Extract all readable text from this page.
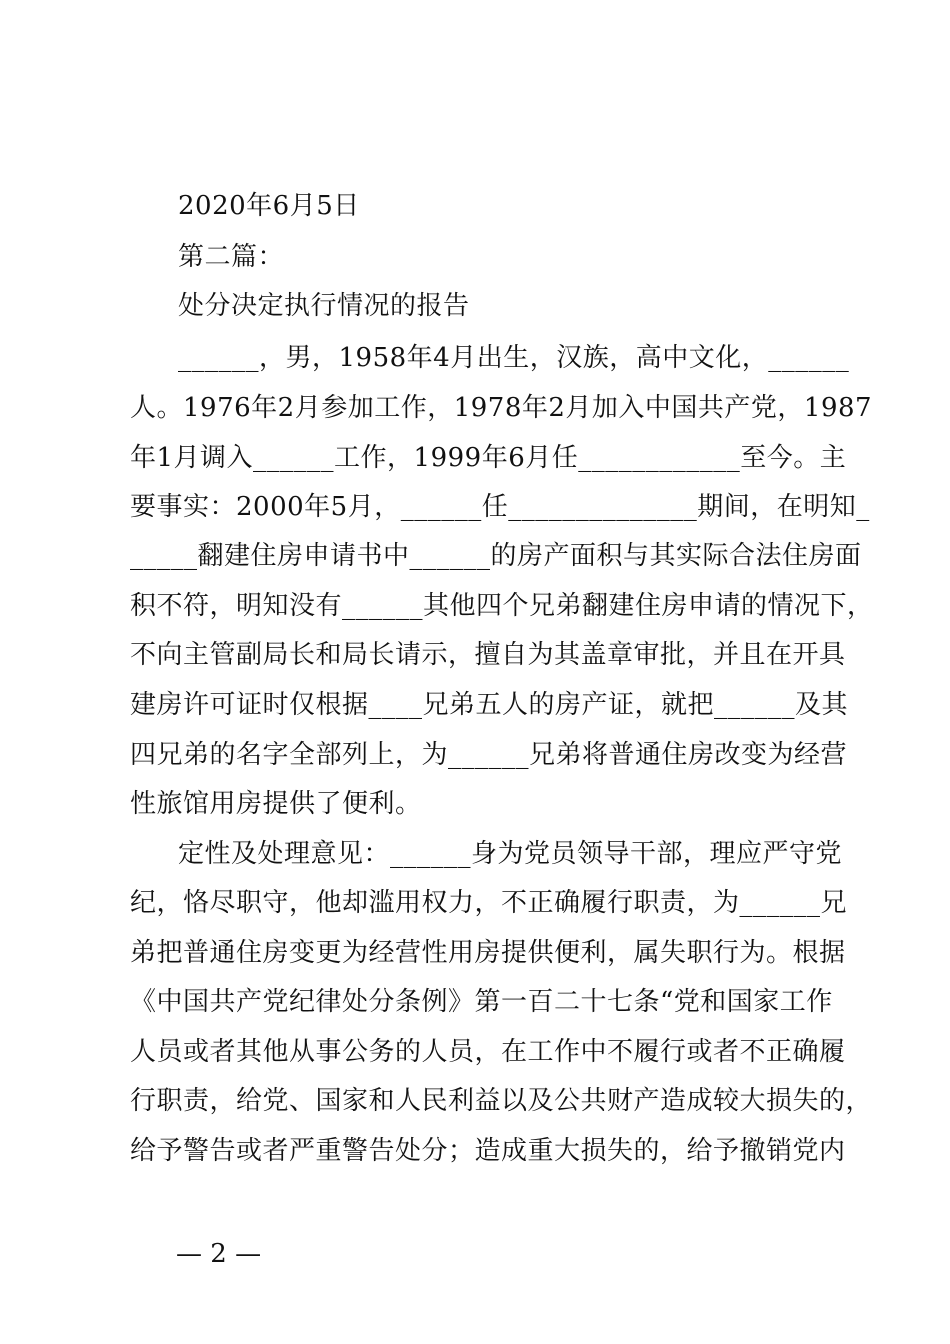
2020年6月5日
第二篇：
处分决定执行情况的报告
______，男，1958年4月出生，汉族，高中文化，______
人。1976年2月参加工作，1978年2月加入中国共产党，1987
年1月调入______工作，1999年6月任____________至今。主
要事实：2000年5月，______任______________期间，在明知_
_____翻建住房申请书中______的房产面积与其实际合法住房面
积不符，明知没有______其他四个兄弟翻建住房申请的情况下，
不向主管副局长和局长请示，擅自为其盖章审批，并且在开具
建房许可证时仅根据____兄弟五人的房产证，就把______及其
四兄弟的名字全部列上，为______兄弟将普通住房改变为经营
性旅馆用房提供了便利。
定性及处理意见：______身为党员领导干部，理应严守党
纪，恪尽职守，他却滥用权力，不正确履行职责，为______兄
弟把普通住房变更为经营性用房提供便利，属失职行为。根据
《中国共产党纪律处分条例》第一百二十七条“党和国家工作
人员或者其他从事公务的人员，在工作中不履行或者不正确履
行职责，给党、国家和人民利益以及公共财产造成较大损失的，
给予警告或者严重警告处分；造成重大损失的，给予撤销党内
— 2 —
